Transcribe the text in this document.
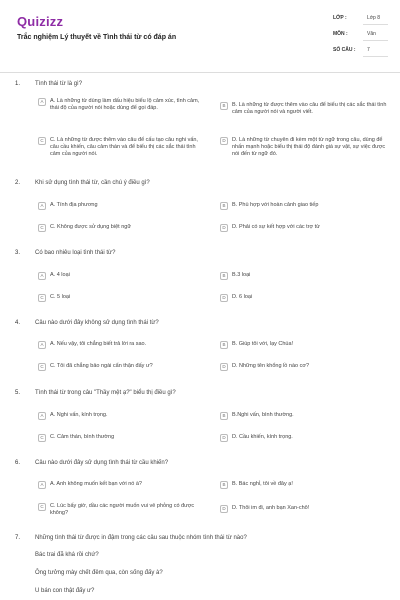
Quizizz
Trắc nghiệm Lý thuyết về Tình thái từ có đáp án
LỚP :	Lớp 8
MÔN :	Văn
SỐ CÂU : 7
1. Tình thái từ là gì?
A	A. Là những từ dùng làm dấu hiệu biểu lộ cảm xúc, tình cảm, thái độ của người nói hoặc dùng để gọi đáp.	B	B. Là những từ được thêm vào câu để biểu thị các sắc thái tình cảm của người nói và người viết.
C	C. Là những từ được thêm vào câu để cấu tạo câu nghi vấn, câu cầu khiến, câu cảm thán và để biểu thị các sắc thái tình cảm của người nói.
D	D. Là những từ chuyên đi kèm một từ ngữ trong câu, dùng để nhấn mạnh hoặc biểu thị thái độ đánh giá sự vật, sự việc được nói đến từ ngữ đó.
2. Khi sử dụng tình thái từ, cần chú ý điều gì?
A	A. Tính địa phương	B	B. Phù hợp với hoàn cảnh giao tiếp
C	C. Không được sử dụng biệt ngữ	D	D. Phải có sự kết hợp với các trợ từ
3. Có bao nhiêu loại tình thái từ?
A	A. 4 loại	B	B.3 loại
C	C. 5 loại	D	D. 6 loại
4. Câu nào dưới đây không sử dụng tình thái từ?
A	A. Nếu vậy, tôi chẳng biết trả lời ra sao.	B	B. Giúp tôi với, lạy Chúa!
C	C. Tôi đã chẳng bảo ngài cẩn thận đấy ư?	D	D. Những tên khổng lồ nào cơ?
5. Tình thái từ trong câu "Thầy mệt ạ?" biểu thị điều gì?
A	A. Nghi vấn, kính trọng.	B	B.Nghi vấn, bình thường.
C	C. Cảm thán, bình thường	D	D. Cầu khiến, kính trọng.
6. Câu nào dưới đây sử dụng tình thái từ cầu khiến?
A	A. Anh không muốn kết bạn với nó à?	B	B. Bác nghỉ, tôi về đây ạ!
C	C. Lúc bấy giờ, dầu các người muốn vui vẻ phỏng có được không?
D	D. Thôi im đi, anh bạn Xan-chô!
7. Những tình thái từ được in đậm trong các câu sau thuộc nhóm tình thái từ nào?
Bác trai đã khá rồi chứ?
Ông tưởng mày chết đêm qua, còn sống đấy à?
U bán con thật đấy ư?
